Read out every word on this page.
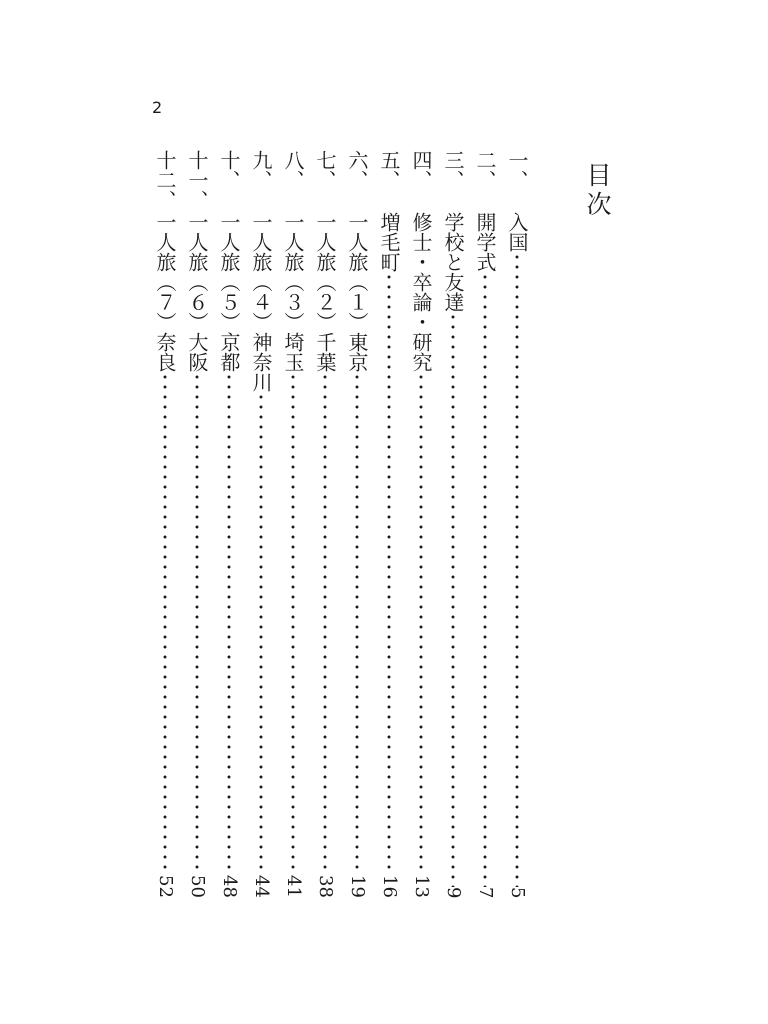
2
目次
一、
入国
5
二、
開学式
7
三、
学校と友達
9
四、
修士・卒論・研究
13
五、
増毛町
16
六、
一人旅（１）東京
19
七、
一人旅（２）千葉
38
八、
一人旅（３）埼玉
41
九、
一人旅（４）神奈川
44
十、
一人旅（５）京都
48
十一、
一人旅（６）大阪
50
十二、
一人旅（７）奈良
52
